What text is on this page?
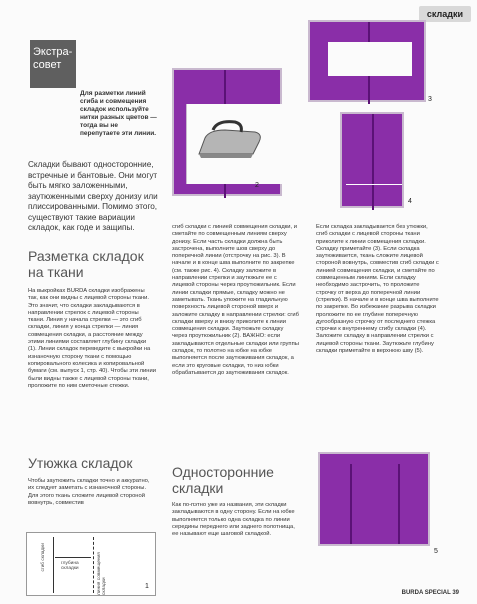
складки
Экстра-совет
Для разметки линий сгиба и совмещения складок используйте нитки разных цветов — тогда вы не перепутаете эти линии.
Складки бывают односторонние, встречные и бантовые. Они могут быть мягко заложенными, заутюженными сверху донизу или плиссированными. Помимо этого, существуют такие вариации складок, как годе и защипы.
2
3
4
5
Разметка складок на ткани
На выкройках BURDA складки изображены так, как они видны с лицевой стороны ткани. Это значит, что складки закладываются в направлении стрелок с лицевой стороны ткани. Линия у начала стрелки — это сгиб складки, линия у конца стрелки — линия совмещения складки, а расстояние между этими линиями составляет глубину складки (1). Линии складок переведите с выкройки на изнаночную сторону ткани с помощью копировального колесика и копировальной бумаги (см. выпуск 1, стр. 40). Чтобы эти линии были видны также с лицевой стороны ткани, проложите по ним сметочные стежки.
Утюжка складок
Чтобы заутюжить складки точно и аккуратно, их следует заметать с изнаночной стороны. Для этого ткань сложите лицевой стороной вовнутрь, совместив
сгиб складки	глубина складки	линия совмещения складки	1
сгиб складки с линией совмещения складки, и сметайте по совмещенным линиям сверху донизу. Если часть складки должна быть застрочена, выполните шов сверху до поперечной линии (отстрочку на рис. 3). В начале и в конце шва выполните по закрепке (см. также рис. 4). Складку заложите в направлении стрелки и заутюжьте ее с лицевой стороны через проутюжильник. Если линии складки прямые, складку можно не заметывать. Ткань уложите на гладильную поверхность лицевой стороной вверх и заложите складку в направлении стрелки: сгиб складки вверху и внизу приколите к линии совмещения складки. Заутюжьте складку через проутюжильник (2). ВАЖНО: если закладываются отдельные складки или группы складок, то полотно на юбке на юбке выполняется после заутюживания складок, а если это круговые складки, то низ юбки обрабатывается до заутюживания складок.
Односторонние складки
Как по-пэтно уже из названия, эти складки закладываются в одну сторону. Если на юбке выполняется только одна складка по линии середины переднего или заднего полотнища, ее называют еще шаговой складкой.
Если складка закладывается без утюжки, сгиб складки с лицевой стороны ткани приколите к линии совмещения складки. Складку приметайте (3). Если складка заутюживается, ткань сложите лицевой стороной вовнутрь, совместив сгиб складки с линией совмещения складки, и сметайте по совмещенным линиям. Если складку необходимо застрочить, то проложите строчку от верха до поперечной линии (стрелки). В начале и в конце шва выполните по закрепке. Во избежание разрыва складки проложите по ее глубине поперечную дугообразную строчку от последнего стежка строчки к внутреннему сгибу складки (4). Заложите складку в направлении стрелки с лицевой стороны ткани. Заутюжьте глубину складки приметайте в верхнюю шву (5).
BURDA SPECIAL 39
